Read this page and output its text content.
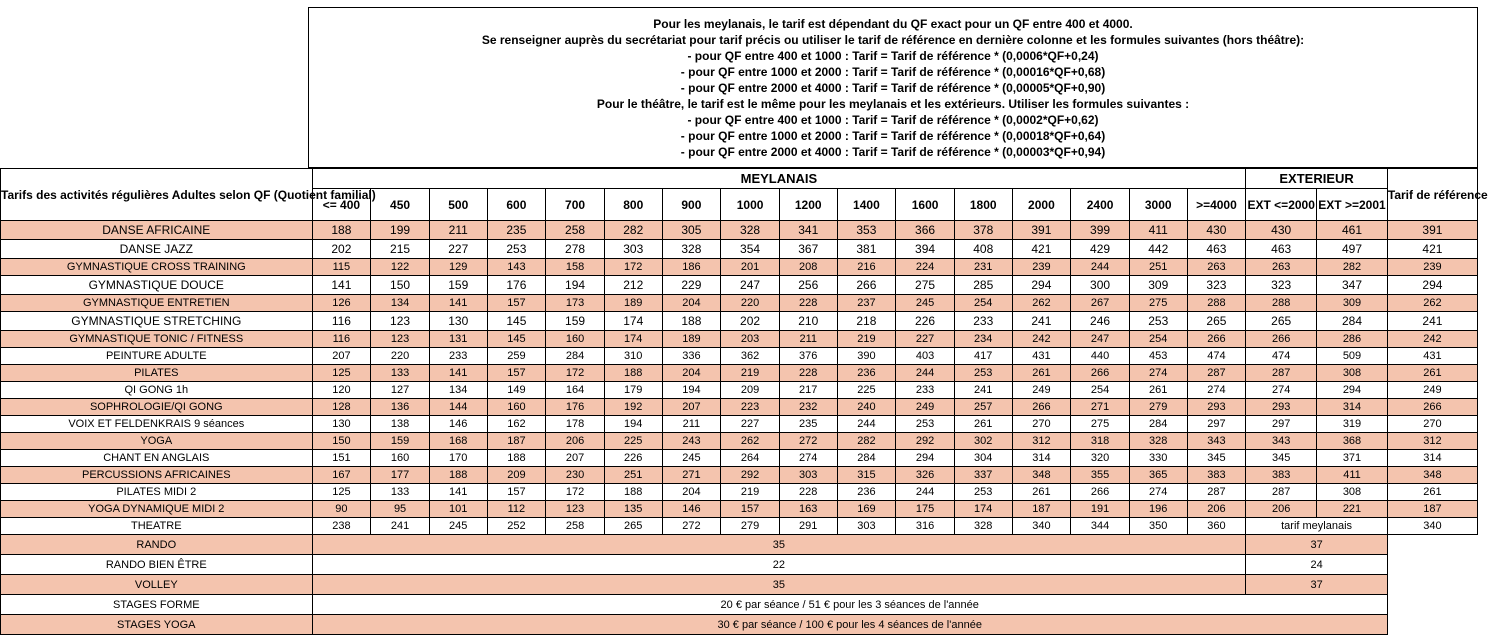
Pour les meylanais, le tarif est dépendant du QF exact pour un QF entre 400 et 4000.
Se renseigner auprès du secrétariat pour tarif précis ou utiliser le tarif de référence en dernière colonne et les formules suivantes (hors théâtre):
- pour QF entre 400 et 1000 : Tarif = Tarif de référence * (0,0006*QF+0,24)
- pour QF entre 1000 et 2000 : Tarif = Tarif de référence * (0,00016*QF+0,68)
- pour QF entre 2000 et 4000 : Tarif = Tarif de référence * (0,00005*QF+0,90)
Pour le théâtre, le tarif est le même pour les meylanais et les extérieurs. Utiliser les formules suivantes :
- pour QF entre 400 et 1000 : Tarif = Tarif de référence * (0,0002*QF+0,62)
- pour QF entre 1000 et 2000 : Tarif = Tarif de référence * (0,00018*QF+0,64)
- pour QF entre 2000 et 4000 : Tarif = Tarif de référence * (0,00003*QF+0,94)
Tarifs des activités régulières Adultes selon QF (Quotient familial)	MEYLANAIS																EXTERIEUR		Tarif de référence
	<= 400	450	500	600	700	800	900	1000	1200	1400	1600	1800	2000	2400	3000	>=4000	EXT <=2000	EXT >=2001	
DANSE AFRICAINE	188	199	211	235	258	282	305	328	341	353	366	378	391	399	411	430	430	461	391
DANSE JAZZ	202	215	227	253	278	303	328	354	367	381	394	408	421	429	442	463	463	497	421
GYMNASTIQUE CROSS TRAINING	115	122	129	143	158	172	186	201	208	216	224	231	239	244	251	263	263	282	239
GYMNASTIQUE DOUCE	141	150	159	176	194	212	229	247	256	266	275	285	294	300	309	323	323	347	294
GYMNASTIQUE ENTRETIEN	126	134	141	157	173	189	204	220	228	237	245	254	262	267	275	288	288	309	262
GYMNASTIQUE STRETCHING	116	123	130	145	159	174	188	202	210	218	226	233	241	246	253	265	265	284	241
GYMNASTIQUE TONIC / FITNESS	116	123	131	145	160	174	189	203	211	219	227	234	242	247	254	266	266	286	242
PEINTURE ADULTE	207	220	233	259	284	310	336	362	376	390	403	417	431	440	453	474	474	509	431
PILATES	125	133	141	157	172	188	204	219	228	236	244	253	261	266	274	287	287	308	261
QI GONG 1h	120	127	134	149	164	179	194	209	217	225	233	241	249	254	261	274	274	294	249
SOPHROLOGIE/QI GONG	128	136	144	160	176	192	207	223	232	240	249	257	266	271	279	293	293	314	266
VOIX ET FELDENKRAIS 9 séances	130	138	146	162	178	194	211	227	235	244	253	261	270	275	284	297	297	319	270
YOGA	150	159	168	187	206	225	243	262	272	282	292	302	312	318	328	343	343	368	312
CHANT EN ANGLAIS	151	160	170	188	207	226	245	264	274	284	294	304	314	320	330	345	345	371	314
PERCUSSIONS AFRICAINES	167	177	188	209	230	251	271	292	303	315	326	337	348	355	365	383	383	411	348
PILATES MIDI 2	125	133	141	157	172	188	204	219	228	236	244	253	261	266	274	287	287	308	261
YOGA DYNAMIQUE MIDI 2	90	95	101	112	123	135	146	157	163	169	175	174	187	191	196	206	206	221	187
THEATRE	238	241	245	252	258	265	272	279	291	303	316	328	340	344	350	360	tarif meylanais		340
RANDO	35																37		
RANDO BIEN ÊTRE	22																24		
VOLLEY	35																37		
STAGES FORME	20 € par séance / 51 € pour les 3 séances de l'année																		
STAGES YOGA	30 € par séance / 100 € pour les 4 séances de l'année																		
